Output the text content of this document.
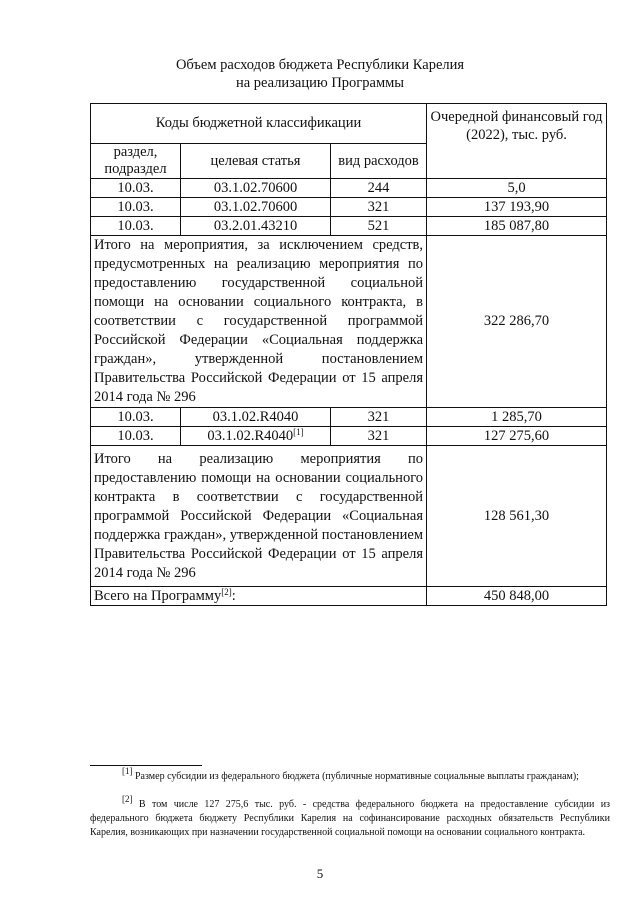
Объем расходов бюджета Республики Карелия
на реализацию Программы
Коды бюджетной классификации			Очередной финансовый год (2022), тыс. руб.
раздел, подраздел	целевая статья	вид расходов	
10.03.	03.1.02.70600	244	5,0
10.03.	03.1.02.70600	321	137 193,90
10.03.	03.2.01.43210	521	185 087,80
Итого на мероприятия, за исключением средств, предусмотренных на реализацию мероприятия по предоставлению государственной социальной помощи на основании социального контракта, в соответствии с государственной программой Российской Федерации «Социальная поддержка граждан», утвержденной постановлением Правительства Российской Федерации от 15 апреля 2014 года № 296			322 286,70
10.03.	03.1.02.R4040	321	1 285,70
10.03.	03.1.02.R4040[1]	321	127 275,60
Итого на реализацию мероприятия по предоставлению помощи на основании социального контракта в соответствии с государственной программой Российской Федерации «Социальная поддержка граждан», утвержденной постановлением Правительства Российской Федерации от 15 апреля 2014 года № 296			128 561,30
Всего на Программу[2]:			450 848,00
[1] Размер субсидии из федерального бюджета (публичные нормативные социальные выплаты гражданам);
[2] В том числе 127 275,6 тыс. руб. - средства федерального бюджета на предоставление субсидии из федерального бюджета бюджету Республики Карелия на софинансирование расходных обязательств Республики Карелия, возникающих при назначении государственной социальной помощи на основании социального контракта.
5
